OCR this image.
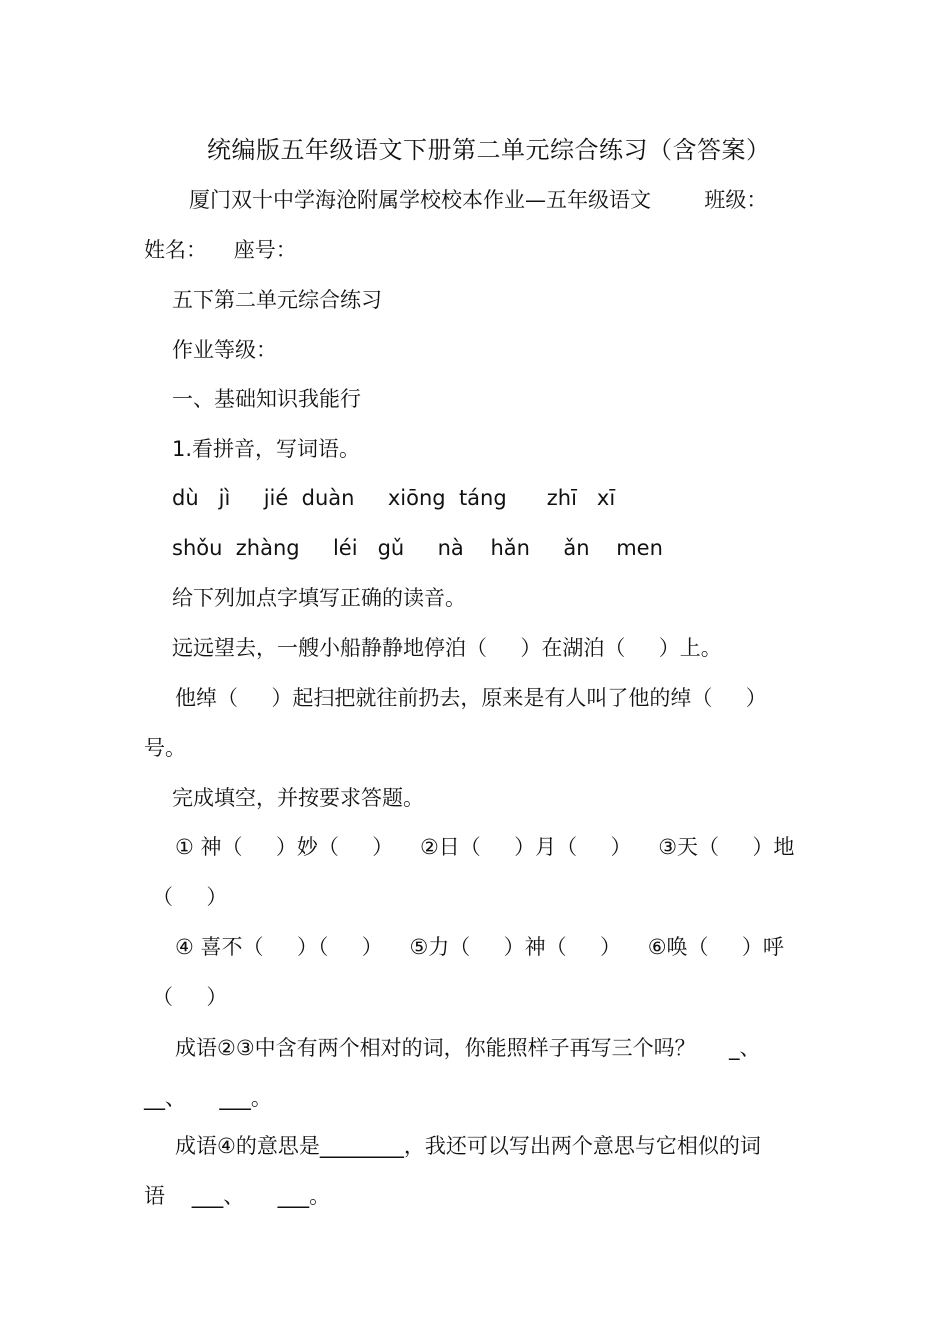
统编版五年级语文下册第二单元综合练习（含答案）
厦门双十中学海沧附属学校校本作业—五年级语文        班级：
姓名：    座号：
五下第二单元综合练习
作业等级：
一、基础知识我能行
1.看拼音，写词语。
dù   jì     jié  duàn     xiōng  táng      zhī   xī
shǒu  zhàng     léi   gǔ     nà    hǎn     ǎn    men
给下列加点字填写正确的读音。
远远望去，一艘小船静静地停泊（     ）在湖泊（     ）上。
他绰（     ）起扫把就往前扔去，原来是有人叫了他的绰（     ）
号。
完成填空，并按要求答题。
① 神（     ）妙（     ）    ②日（     ）月（     ）    ③天（     ）地
（     ）
④ 喜不（     ）（     ）    ⑤力（     ）神（     ）    ⑥唤（     ）呼
（     ）
成语②③中含有两个相对的词，你能照样子再写三个吗？     _、
__、     ___。
成语④的意思是________，我还可以写出两个意思与它相似的词
语    ___、     ___。
